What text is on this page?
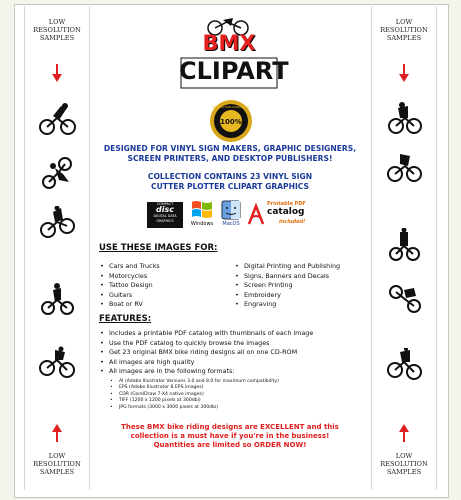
LOW
RESOLUTION
SAMPLES
LOW
RESOLUTION
SAMPLES
LOW
RESOLUTION
SAMPLES
LOW
RESOLUTION
SAMPLES
BMX
CLIPART
100%
SATISFACTION GUARANTEED
DESIGNED FOR VINYL SIGN MAKERS, GRAPHIC DESIGNERS,
SCREEN PRINTERS, AND DESKTOP PUBLISHERS!
COLLECTION CONTAINS 23 VINYL SIGN
CUTTER PLOTTER CLIPART GRAPHICS
COMPACT
disc
DIGITAL DATA
GRAPHICS	Windows	MacOS
Printable PDF
catalog
included!
USE THESE IMAGES FOR:
• Cars and Trucks
• Motorcycles
• Tattoo Design
• Guitars
• Boat or RV
• Digital Printing and Publishing
• Signs, Banners and Decals
• Screen Printing
• Embroidery
• Engraving
FEATURES:
• Includes a printable PDF catalog with thumbnails of each image
• Use the PDF catalog to quickly browse the images
• Get 23 original BMX bike riding designs all on one CD-ROM
• All images are high quality
• All images are in the following formats:
• AI (Adobe Illustrator Versions 3.0 and 8.0 for maximum compatibility)
• EPS (Adobe Illustrator 8 EPS images)
• CDR (CorelDraw 7-X4 native images)
• TIFF (1200 x 1200 pixels at 300dbi)
• JPG formats (3000 x 3000 pixels at 300dbi)
These BMX bike riding designs are EXCELLENT and this
collection is a must have if you're in the business!
Quantities are limited so ORDER NOW!
